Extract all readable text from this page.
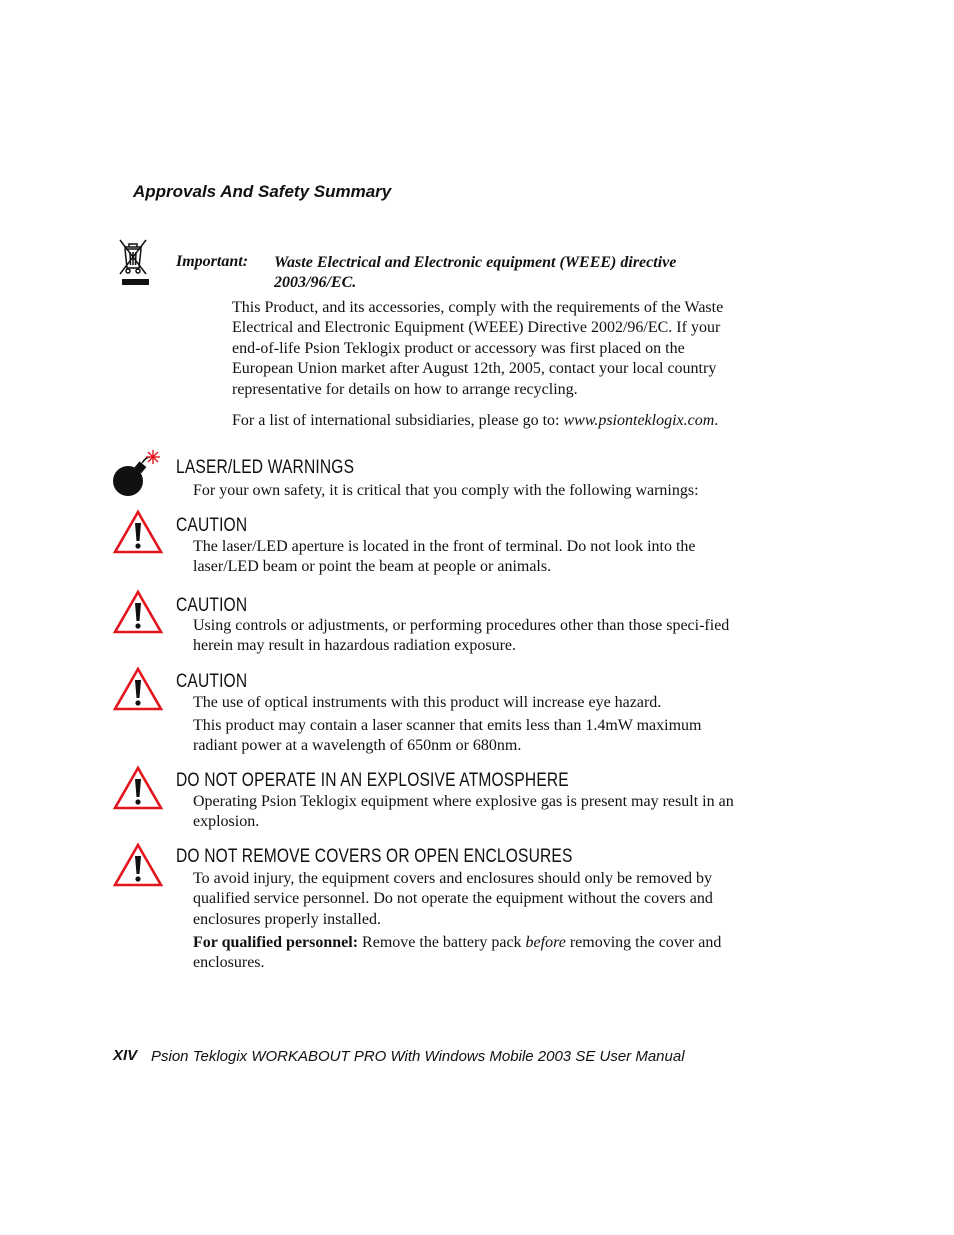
Approvals And Safety Summary
Important: Waste Electrical and Electronic equipment (WEEE) directive 2003/96/EC.
This Product, and its accessories, comply with the requirements of the Waste Electrical and Electronic Equipment (WEEE) Directive 2002/96/EC. If your end-of-life Psion Teklogix product or accessory was first placed on the European Union market after August 12th, 2005, contact your local country representative for details on how to arrange recycling.
For a list of international subsidiaries, please go to: www.psionteklogix.com.
LASER/LED WARNINGS
For your own safety, it is critical that you comply with the following warnings:
CAUTION
The laser/LED aperture is located in the front of terminal. Do not look into the laser/LED beam or point the beam at people or animals.
CAUTION
Using controls or adjustments, or performing procedures other than those speci-fied herein may result in hazardous radiation exposure.
CAUTION
The use of optical instruments with this product will increase eye hazard.
This product may contain a laser scanner that emits less than 1.4mW maximum radiant power at a wavelength of 650nm or 680nm.
DO NOT OPERATE IN AN EXPLOSIVE ATMOSPHERE
Operating Psion Teklogix equipment where explosive gas is present may result in an explosion.
DO NOT REMOVE COVERS OR OPEN ENCLOSURES
To avoid injury, the equipment covers and enclosures should only be removed by qualified service personnel. Do not operate the equipment without the covers and enclosures properly installed.
For qualified personnel: Remove the battery pack before removing the cover and enclosures.
XIV Psion Teklogix WORKABOUT PRO With Windows Mobile 2003 SE User Manual
